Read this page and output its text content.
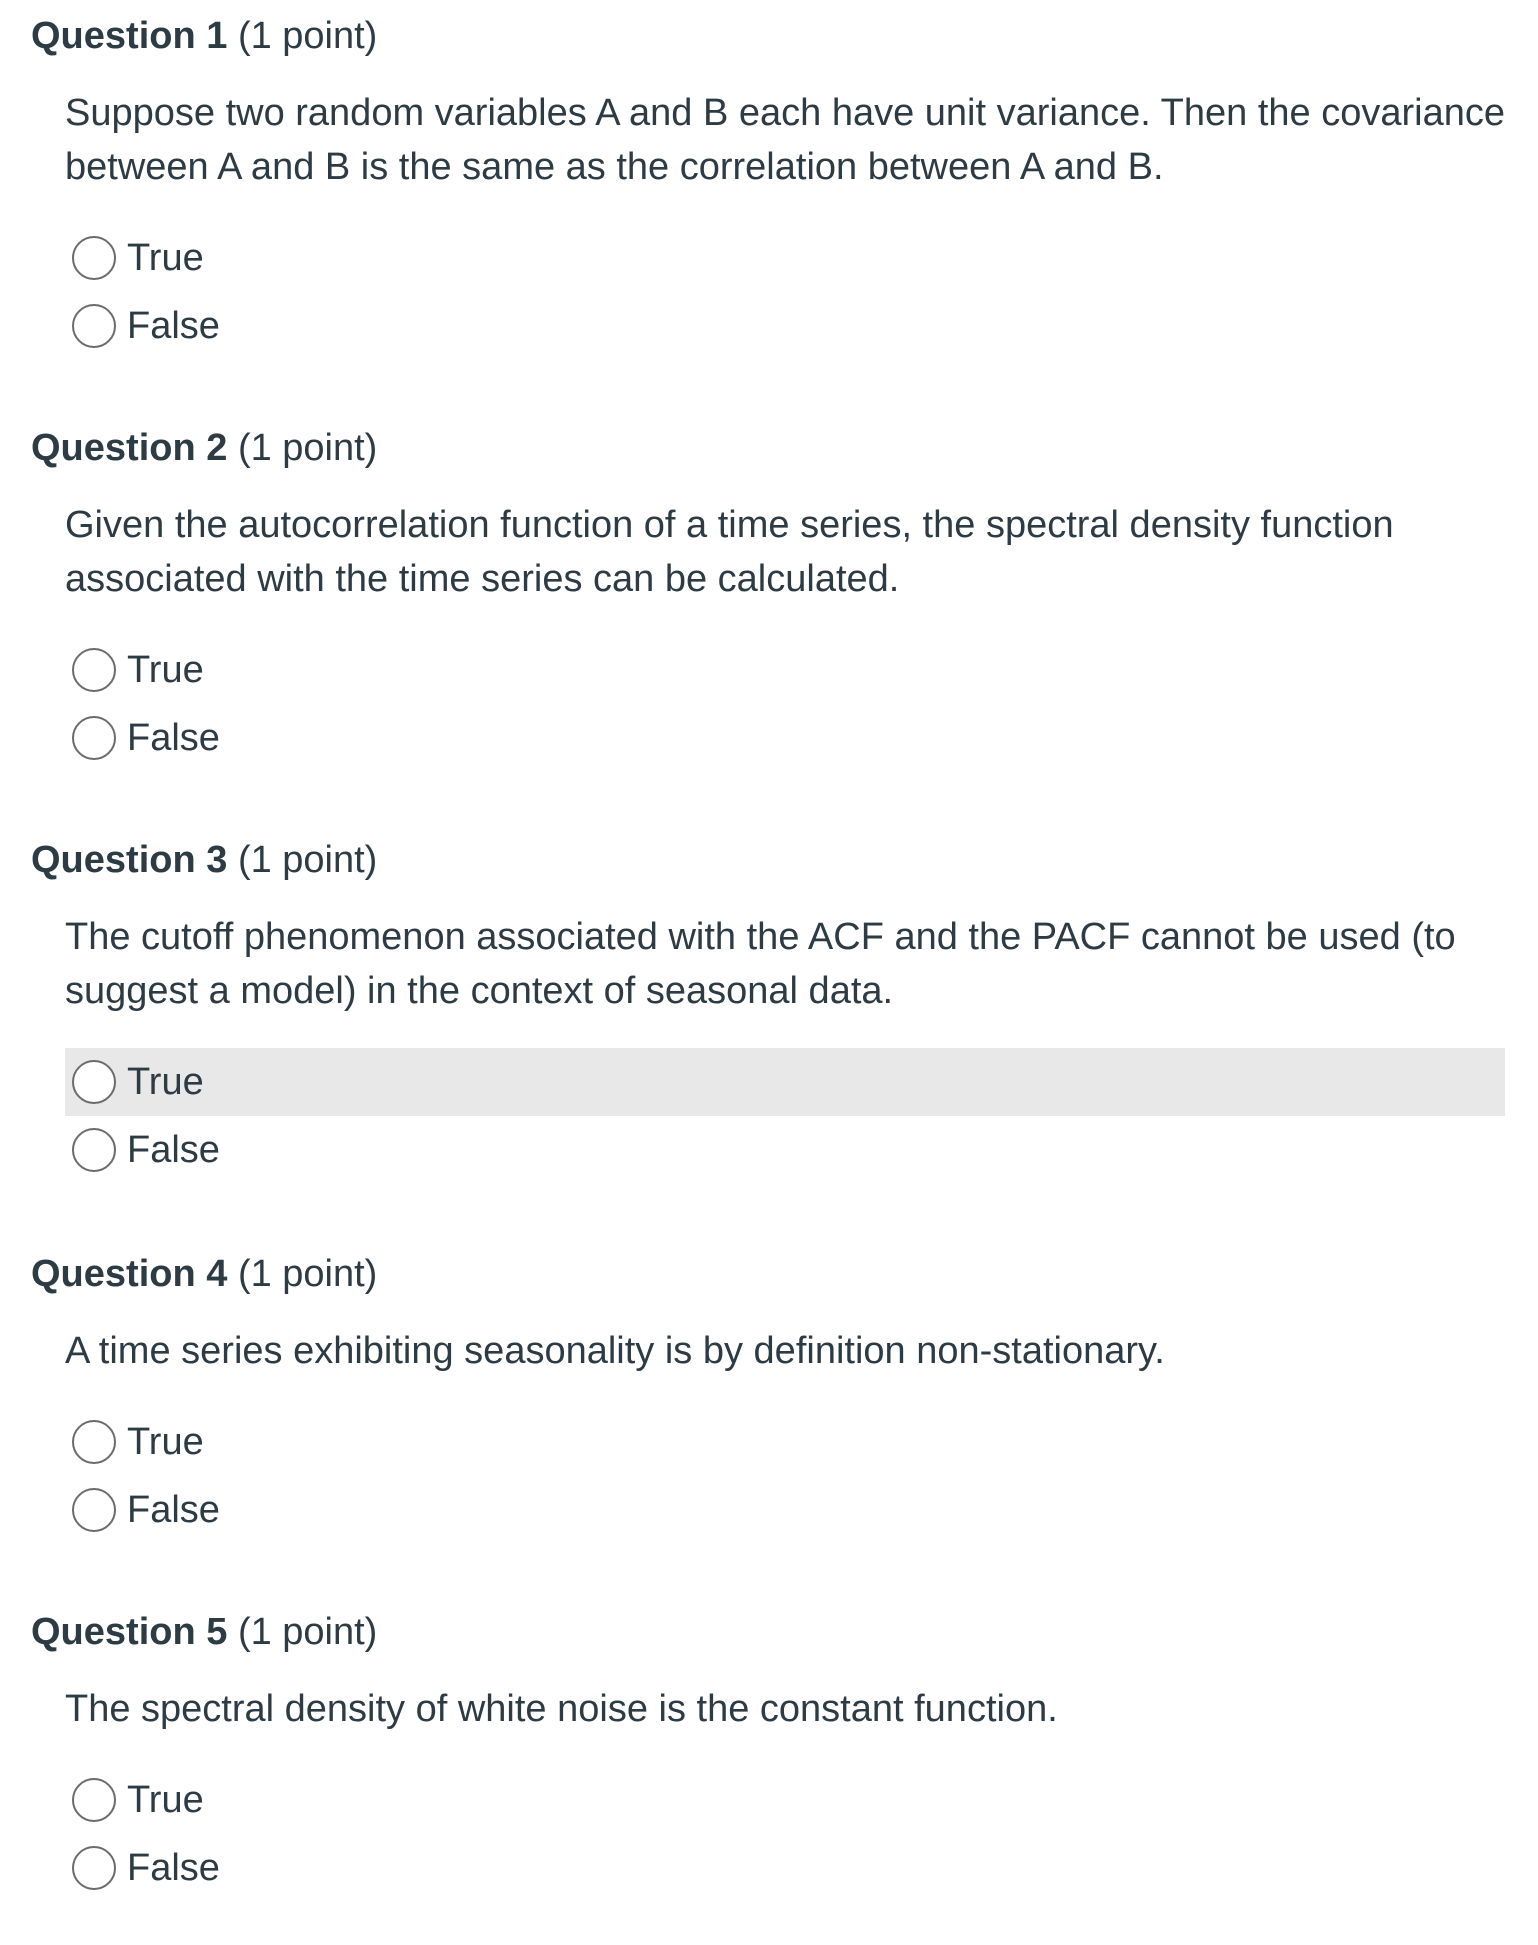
Question 1 (1 point)

Suppose two random variables A and B each have unit variance. Then the covariance between A and B is the same as the correlation between A and B.

True
False
Question 2 (1 point)

Given the autocorrelation function of a time series, the spectral density function associated with the time series can be calculated.

True
False
Question 3 (1 point)

The cutoff phenomenon associated with the ACF and the PACF cannot be used (to suggest a model) in the context of seasonal data.

True
False
Question 4 (1 point)

A time series exhibiting seasonality is by definition non-stationary.

True
False
Question 5 (1 point)

The spectral density of white noise is the constant function.

True
False
